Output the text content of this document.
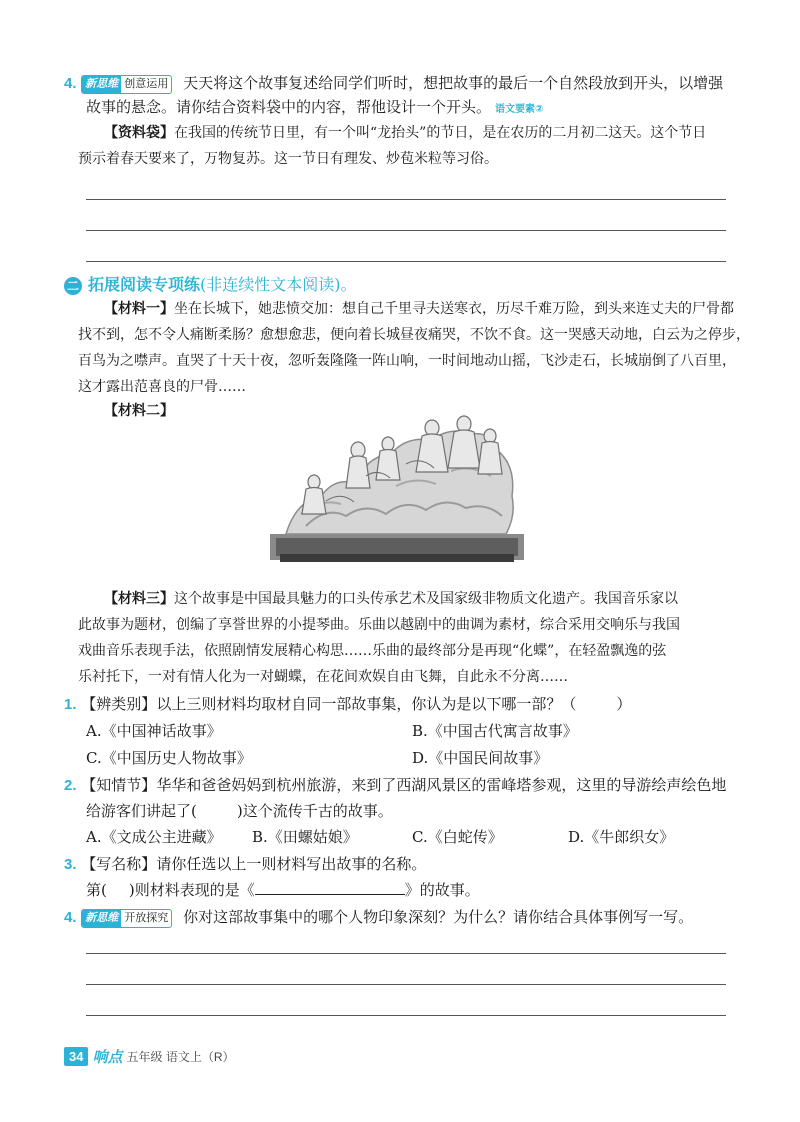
4. 新思维 创意运用 天天将这个故事复述给同学们听时，想把故事的最后一个自然段放到开头，以增强
故事的悬念。请你结合资料袋中的内容，帮他设计一个开头。 语文要素②
【资料袋】在我国的传统节日里，有一个叫“龙抬头”的节日，是在农历的二月初二这天。这个节日
预示着春天要来了，万物复苏。这一节日有理发、炒苞米粒等习俗。
二 拓展阅读专项练(非连续性文本阅读)。
【材料一】坐在长城下，她悲愤交加：想自己千里寻夫送寒衣，历尽千难万险，到头来连丈夫的尸骨都
找不到，怎不令人痛断柔肠？愈想愈悲，便向着长城昼夜痛哭，不饮不食。这一哭感天动地，白云为之停步，
百鸟为之噤声。直哭了十天十夜，忽听轰隆隆一阵山响，一时间地动山摇，飞沙走石，长城崩倒了八百里，
这才露出范喜良的尸骨……
【材料二】
【材料三】这个故事是中国最具魅力的口头传承艺术及国家级非物质文化遗产。我国音乐家以
此故事为题材，创编了享誉世界的小提琴曲。乐曲以越剧中的曲调为素材，综合采用交响乐与我国
戏曲音乐表现手法，依照剧情发展精心构思……乐曲的最终部分是再现“化蝶”，在轻盈飘逸的弦
乐衬托下，一对有情人化为一对蝴蝶，在花间欢娱自由飞舞，自此永不分离……
1. 【辨类别】以上三则材料均取材自同一部故事集，你认为是以下哪一部？（	）
A.《中国神话故事》	B.《中国古代寓言故事》
C.《中国历史人物故事》	D.《中国民间故事》
2. 【知情节】华华和爸爸妈妈到杭州旅游，来到了西湖风景区的雷峰塔参观，这里的导游绘声绘色地
给游客们讲起了(	)这个流传千古的故事。
A.《文成公主进藏》 B.《田螺姑娘》	C.《白蛇传》	D.《牛郎织女》
3. 【写名称】请你任选以上一则材料写出故事的名称。
第( )则材料表现的是《	》的故事。
4. 新思维 开放探究 你对这部故事集中的哪个人物印象深刻？为什么？请你结合具体事例写一写。
34 响点 五年级 语文上（R）
